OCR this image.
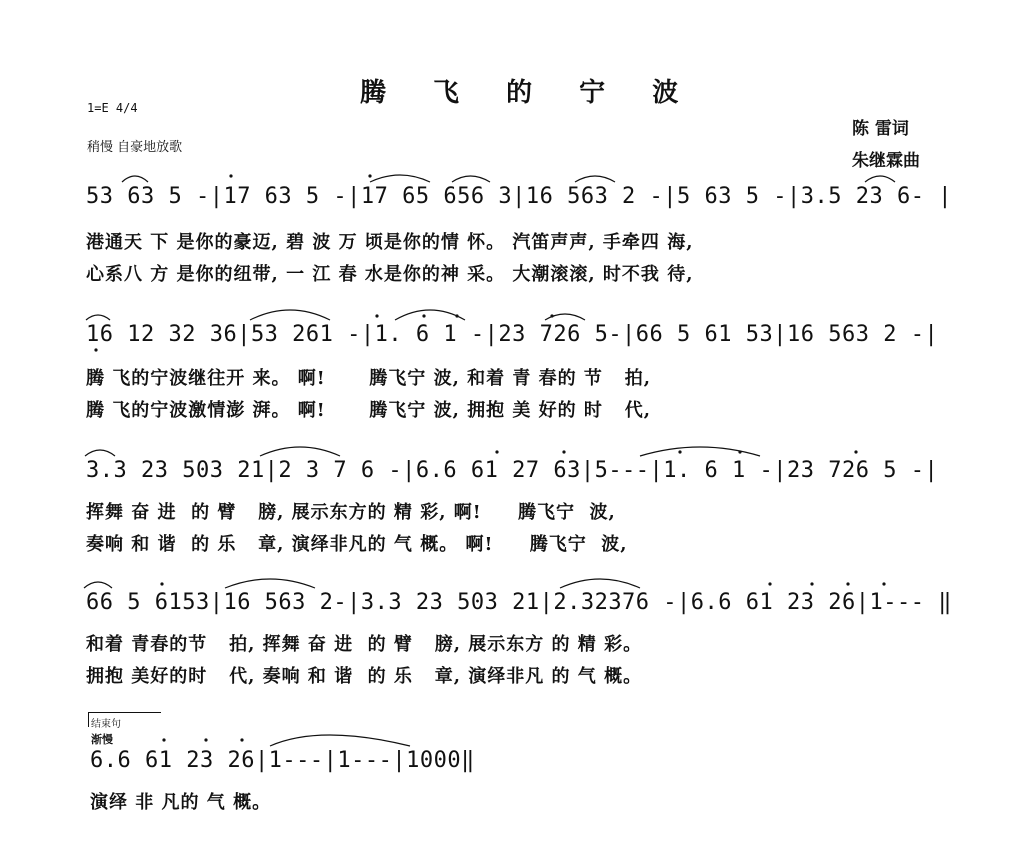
腾 飞 的 宁 波
1=E 4/4
稍慢 自豪地放歌
陈 雷词
朱继霖曲
53 63 5 -|17 63 5 -|17 65 656 3|16 563 2 -|5 63 5 -|3.5 23 6- |
港通天 下 是你的豪迈, 碧 波 万 顷是你的情 怀。 汽笛声声, 手牵四 海,
心系八 方 是你的纽带, 一 江 春 水是你的神 采。 大潮滚滚, 时不我 待,
16 12 32 36|53 261 -|1. 6 1 -|23 726 5-|66 5 61 53|16 563 2 -|
腾 飞的宁波继往开 来。 啊!      腾飞宁 波, 和着 青 春的 节   拍,
腾 飞的宁波激情澎 湃。 啊!      腾飞宁 波, 拥抱 美 好的 时   代,
3.3 23 503 21|2 3 7 6 -|6.6 61 27 63|5---|1. 6 1 -|23 726 5 -|
挥舞 奋 进  的 臂   膀, 展示东方的 精 彩, 啊!     腾飞宁  波,
奏响 和 谐  的 乐   章, 演绎非凡的 气 概。 啊!     腾飞宁  波,
66 5 6153|16 563 2-|3.3 23 503 21|2.32376 -|6.6 61 23 26|1--- ‖
和着 青春的节   拍, 挥舞 奋 进  的 臂   膀, 展示东方 的 精 彩。
拥抱 美好的时   代, 奏响 和 谐  的 乐   章, 演绎非凡 的 气 概。
结束句
渐慢
6.6 61 23 26|1---|1---|1000‖
演绎 非 凡的 气 概。
